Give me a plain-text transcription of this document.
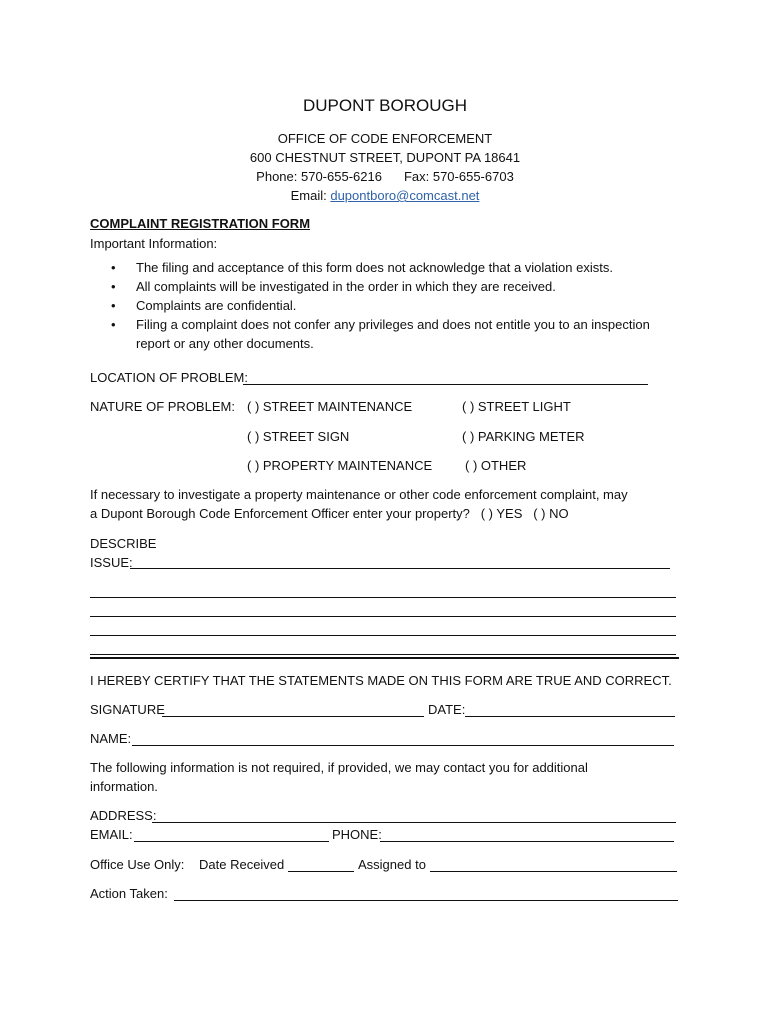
DUPONT BOROUGH
OFFICE OF CODE ENFORCEMENT
600 CHESTNUT STREET, DUPONT PA 18641
Phone: 570-655-6216 Fax: 570-655-6703
Email: dupontboro@comcast.net
COMPLAINT REGISTRATION FORM
Important Information:
• The filing and acceptance of this form does not acknowledge that a violation exists.
• All complaints will be investigated in the order in which they are received.
• Complaints are confidential.
• Filing a complaint does not confer any privileges and does not entitle you to an inspection report or any other documents.
LOCATION OF PROBLEM:
NATURE OF PROBLEM: ( ) STREET MAINTENANCE	( ) STREET LIGHT
( ) STREET SIGN	( ) PARKING METER
( ) PROPERTY MAINTENANCE	( ) OTHER
If necessary to investigate a property maintenance or other code enforcement complaint, may
a Dupont Borough Code Enforcement Officer enter your property? ( ) YES ( ) NO
DESCRIBE
ISSUE:
I HEREBY CERTIFY THAT THE STATEMENTS MADE ON THIS FORM ARE TRUE AND CORRECT.
SIGNATURE	DATE:
NAME:
The following information is not required, if provided, we may contact you for additional
information.
ADDRESS:
EMAIL:	PHONE:
Office Use Only: Date Received	Assigned to
Action Taken:
